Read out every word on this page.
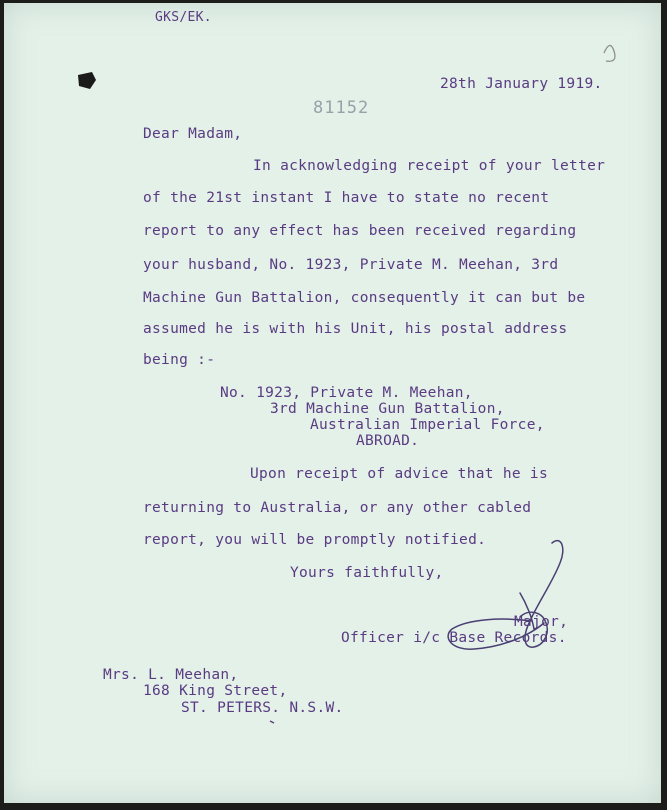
GKS/EK.
28th January 1919.
81152
Dear Madam,
In acknowledging receipt of your letter
of the 21st instant I have to state no recent
report to any effect has been received regarding
your husband, No. 1923, Private M. Meehan, 3rd
Machine Gun Battalion, consequently it can but be
assumed he is with his Unit, his postal address
being :-
No. 1923, Private M. Meehan,
3rd Machine Gun Battalion,
Australian Imperial Force,
ABROAD.
Upon receipt of advice that he is
returning to Australia, or any other cabled
report, you will be promptly notified.
Yours faithfully,
Major,
Officer i/c Base Records.
Mrs. L. Meehan,
168 King Street,
ST. PETERS. N.S.W.
